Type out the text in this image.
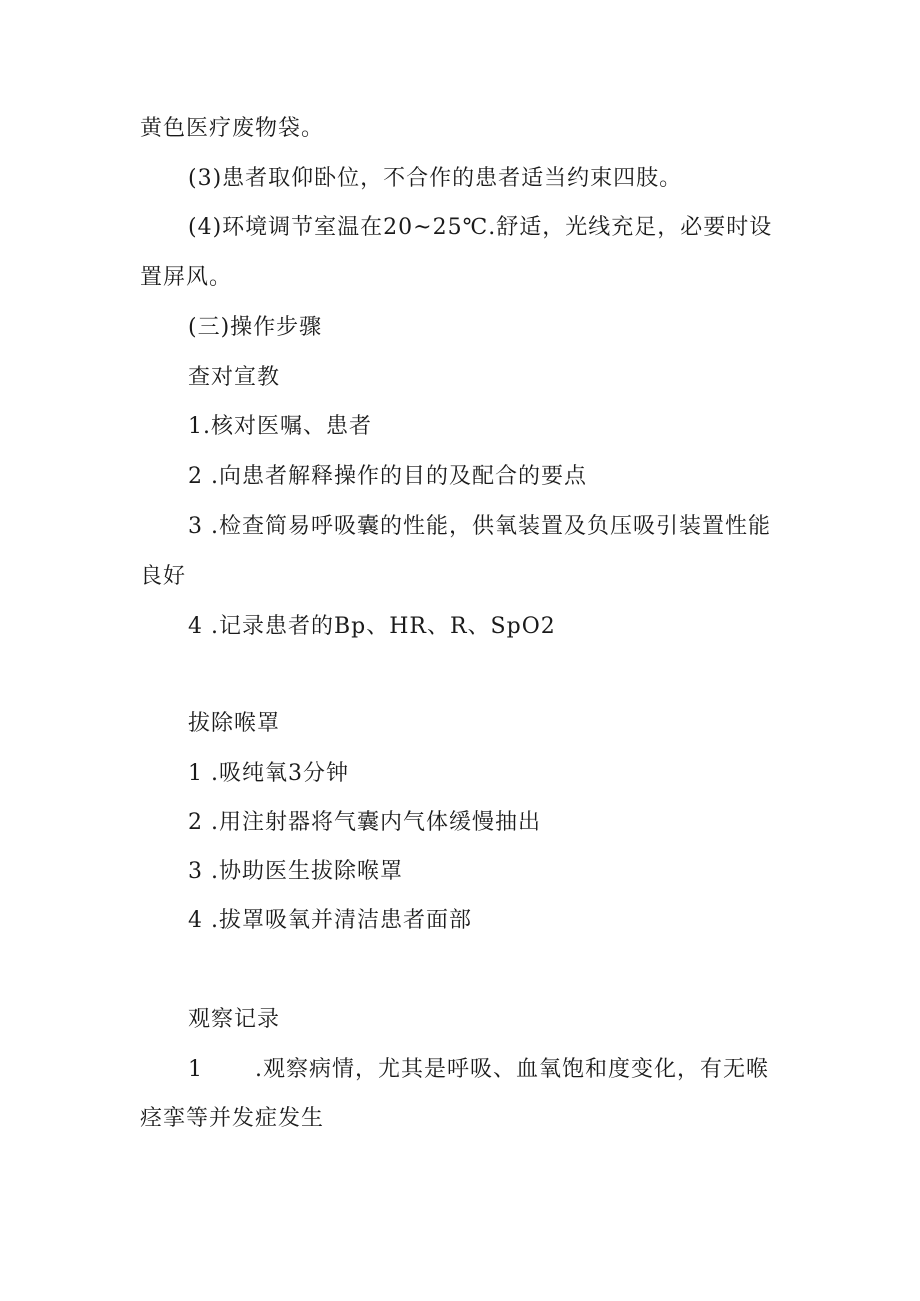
黄色医疗废物袋。
(3)患者取仰卧位，不合作的患者适当约束四肢。
(4)环境调节室温在20~25℃.舒适，光线充足，必要时设
置屏风。
(三)操作步骤
查对宣教
1.核对医嘱、患者
2 .向患者解释操作的目的及配合的要点
3 .检查简易呼吸囊的性能，供氧装置及负压吸引装置性能
良好
4 .记录患者的Bp、HR、R、SpO2
拔除喉罩
1 .吸纯氧3分钟
2 .用注射器将气囊内气体缓慢抽出
3 .协助医生拔除喉罩
4 .拔罩吸氧并清洁患者面部
观察记录
1 .观察病情，尤其是呼吸、血氧饱和度变化，有无喉
痉挛等并发症发生
